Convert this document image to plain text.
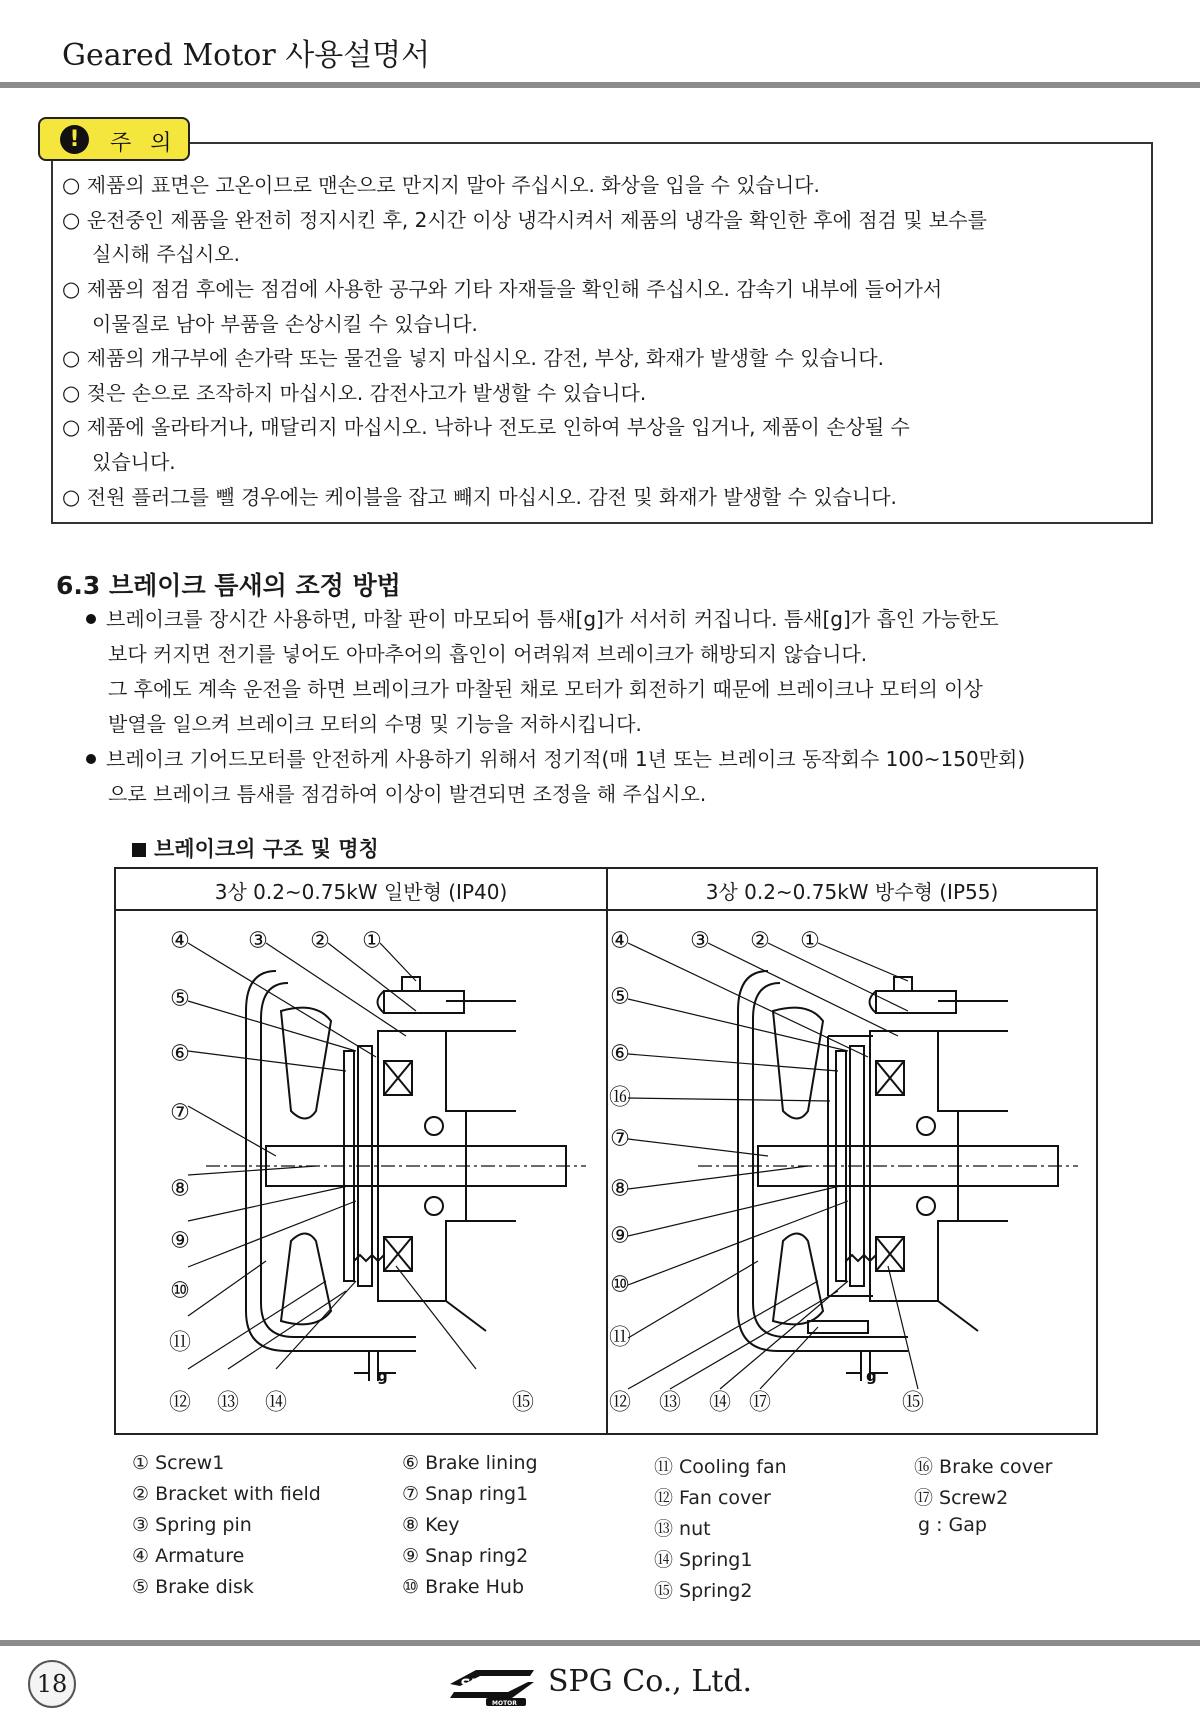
Geared Motor 사용설명서
!	주 의
○ 제품의 표면은 고온이므로 맨손으로 만지지 말아 주십시오. 화상을 입을 수 있습니다.
○ 운전중인 제품을 완전히 정지시킨 후, 2시간 이상 냉각시켜서 제품의 냉각을 확인한 후에 점검 및 보수를
실시해 주십시오.
○ 제품의 점검 후에는 점검에 사용한 공구와 기타 자재들을 확인해 주십시오. 감속기 내부에 들어가서
이물질로 남아 부품을 손상시킬 수 있습니다.
○ 제품의 개구부에 손가락 또는 물건을 넣지 마십시오. 감전, 부상, 화재가 발생할 수 있습니다.
○ 젖은 손으로 조작하지 마십시오. 감전사고가 발생할 수 있습니다.
○ 제품에 올라타거나, 매달리지 마십시오. 낙하나 전도로 인하여 부상을 입거나, 제품이 손상될 수
있습니다.
○ 전원 플러그를 뺄 경우에는 케이블을 잡고 빼지 마십시오. 감전 및 화재가 발생할 수 있습니다.
6.3 브레이크 틈새의 조정 방법
브레이크를 장시간 사용하면, 마찰 판이 마모되어 틈새[g]가 서서히 커집니다. 틈새[g]가 흡인 가능한도
보다 커지면 전기를 넣어도 아마추어의 흡인이 어려워져 브레이크가 해방되지 않습니다.
그 후에도 계속 운전을 하면 브레이크가 마찰된 채로 모터가 회전하기 때문에 브레이크나 모터의 이상
발열을 일으켜 브레이크 모터의 수명 및 기능을 저하시킵니다.
브레이크 기어드모터를 안전하게 사용하기 위해서 정기적(매 1년 또는 브레이크 동작회수 100~150만회)
으로 브레이크 틈새를 점검하여 이상이 발견되면 조정을 해 주십시오.
브레이크의 구조 및 명칭
3상 0.2~0.75kW 일반형 (IP40)	3상 0.2~0.75kW 방수형 (IP55)
g
④	③ ② ①
⑤
⑥
⑦
⑧
⑨
⑩
⑪
⑫ ⑬ ⑭	⑮
g
④	③ ② ①
⑤
⑥
⑯
⑦
⑧
⑨
⑩
⑪
⑫ ⑬ ⑭ ⑰	⑮
① Screw1
② Bracket with field
③ Spring pin
④ Armature
⑤ Brake disk
⑥ Brake lining
⑦ Snap ring1
⑧ Key
⑨ Snap ring2
⑩ Brake Hub
⑪ Cooling fan
⑫ Fan cover
⑬ nut
⑭ Spring1
⑮ Spring2
⑯ Brake cover
⑰ Screw2
g : Gap
18	SPG
MOTOR
SPG Co., Ltd.
